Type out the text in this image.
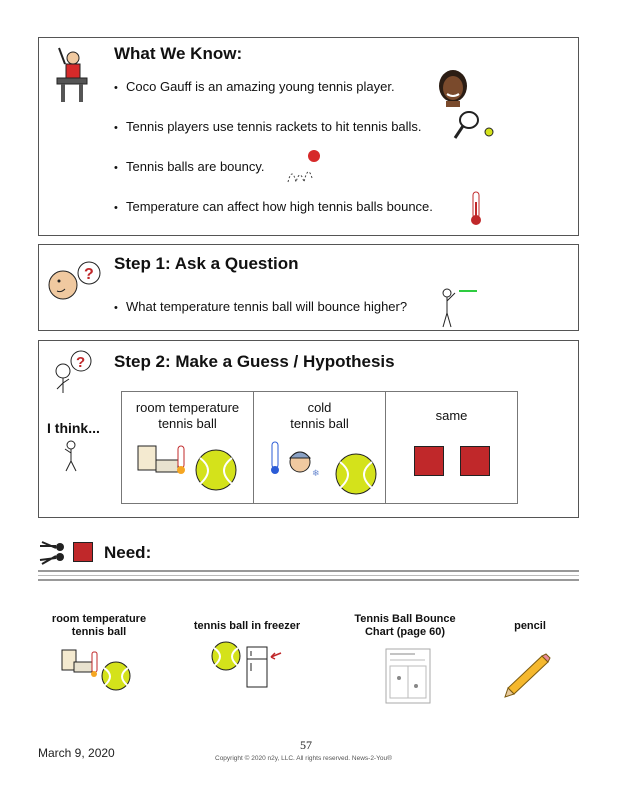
What We Know:
• Coco Gauff is an amazing young tennis player.
• Tennis players use tennis rackets to hit tennis balls.
• Tennis balls are bouncy.
• Temperature can affect how high tennis balls bounce.
?
Step 1: Ask a Question
• What temperature tennis ball will bounce higher?
? Step 2: Make a Guess / Hypothesis
I think...
room temperature
tennis ball
cold
tennis ball
❄
same
Need:
room temperature
tennis ball	tennis ball in freezer
Tennis Ball Bounce
Chart (page 60)	pencil
March 9, 2020
57
Copyright © 2020 n2y, LLC. All rights reserved. News-2-You®
